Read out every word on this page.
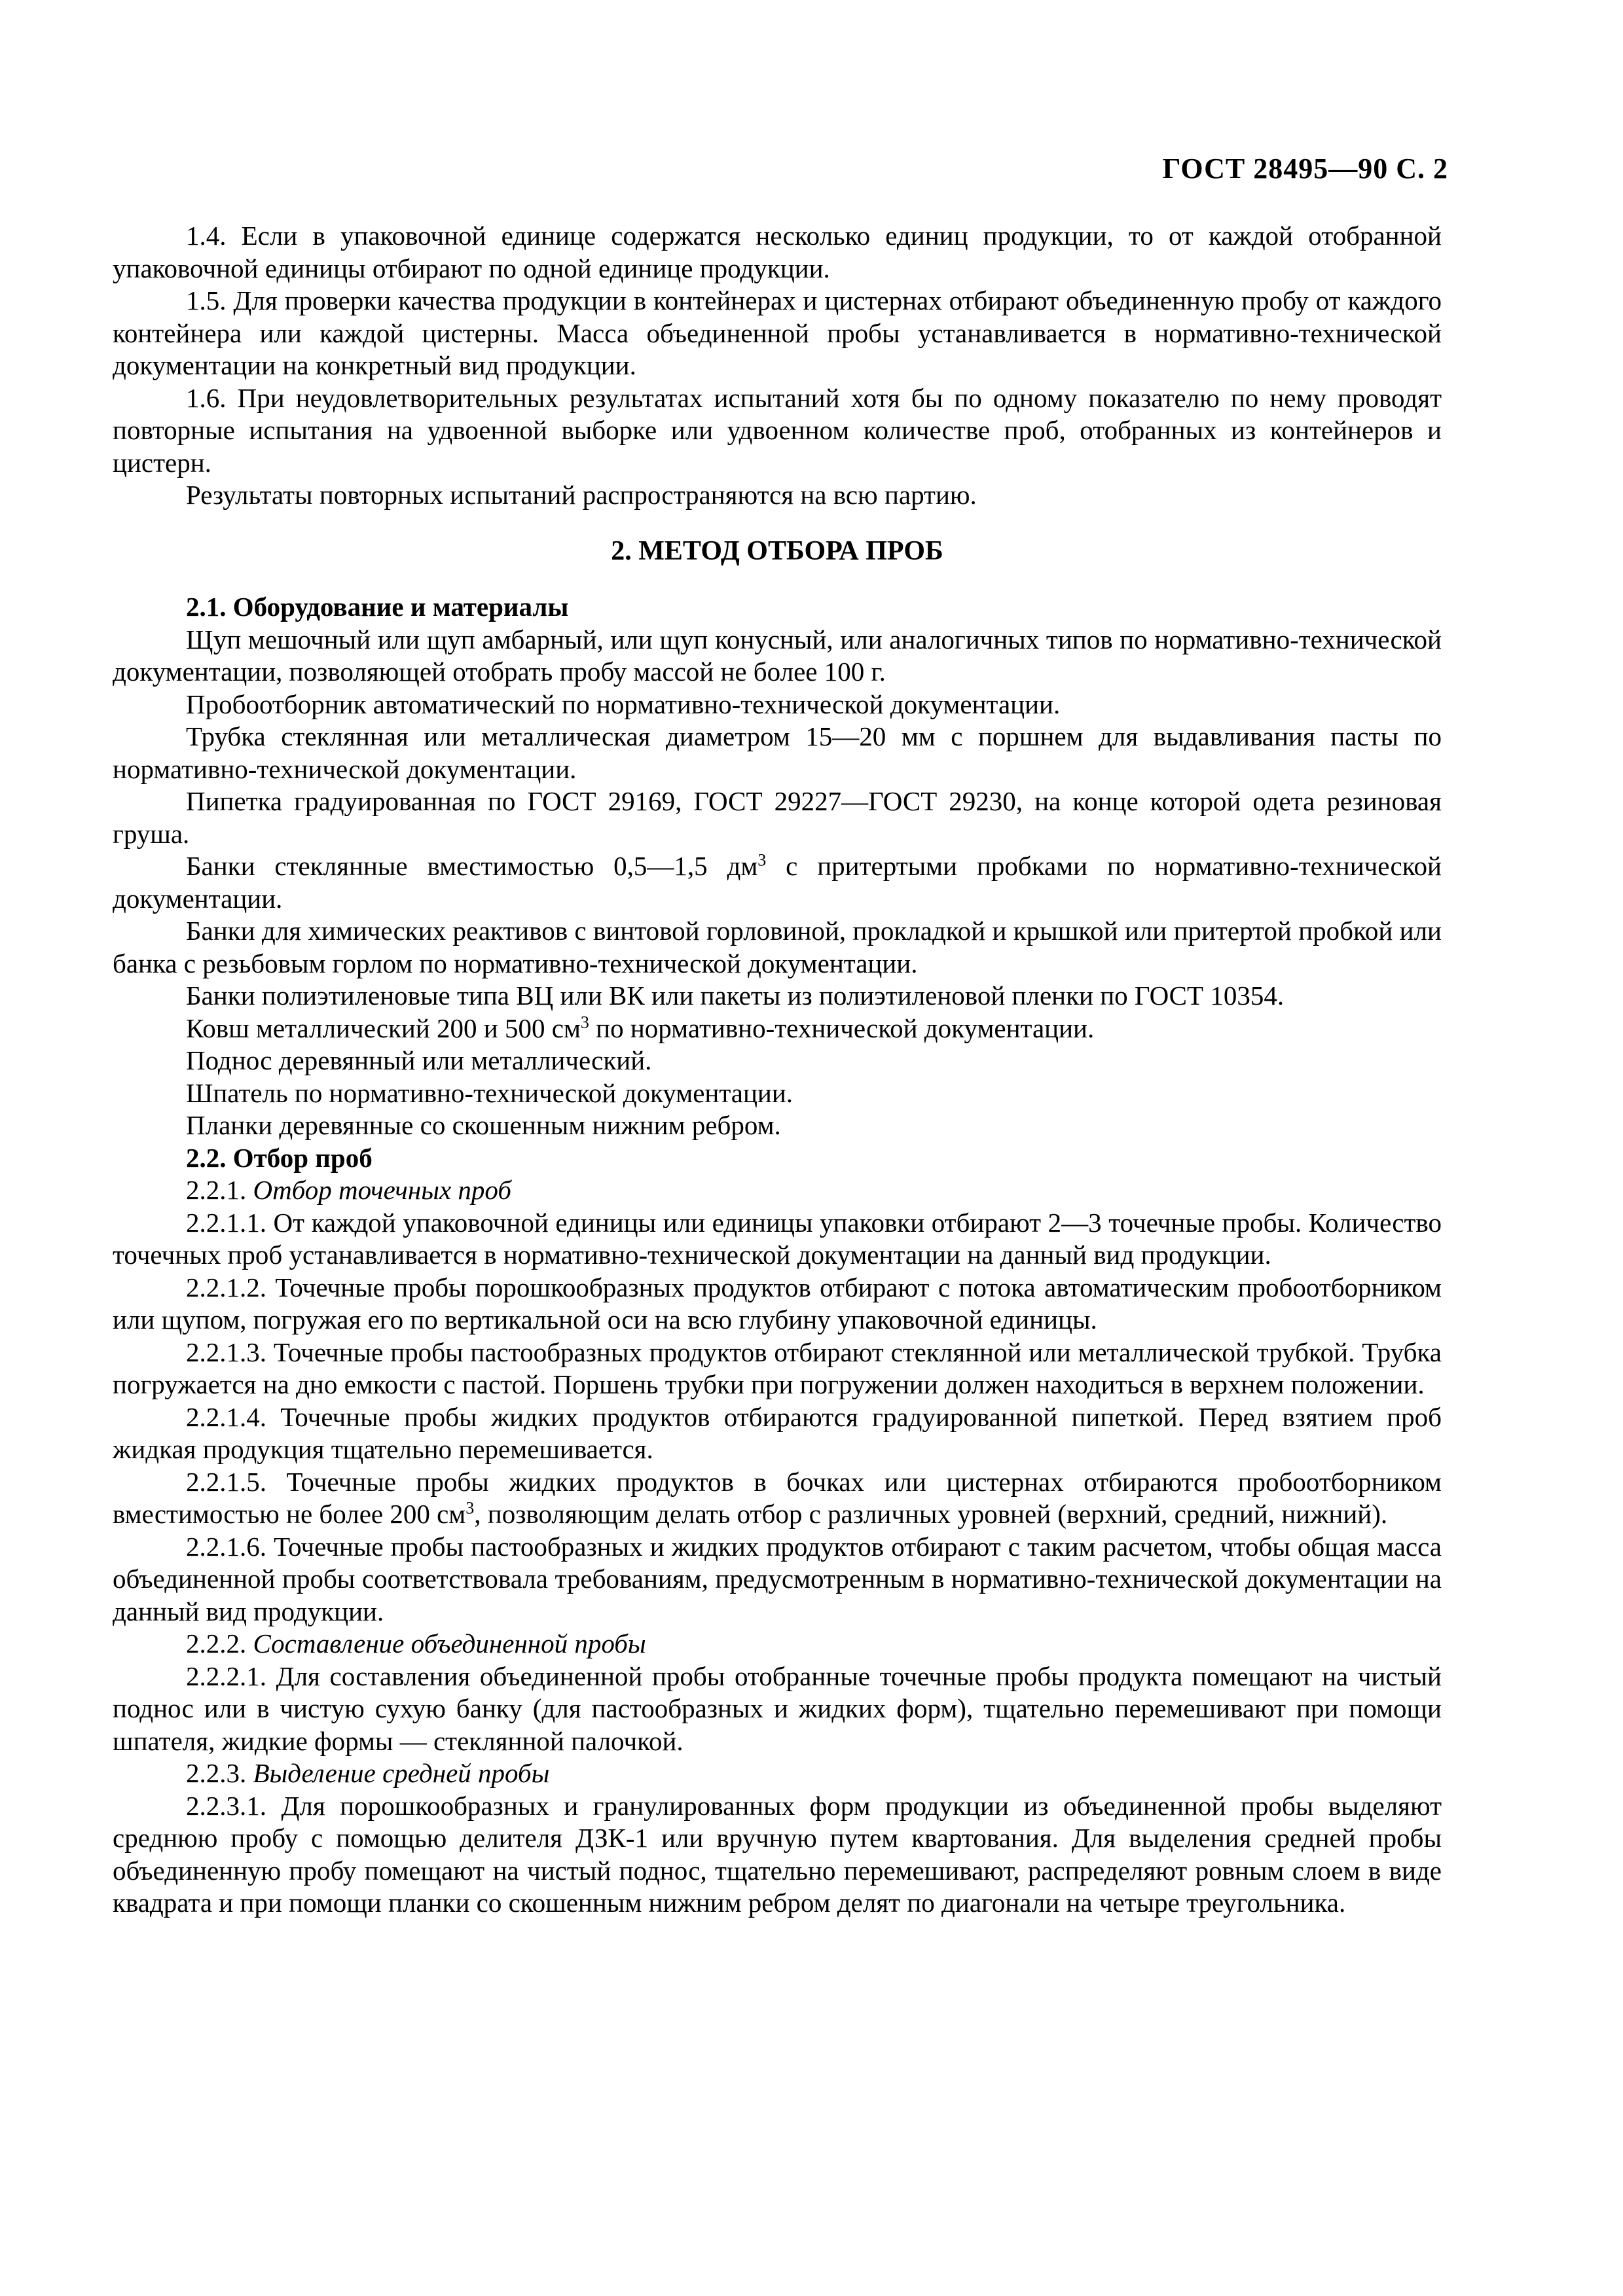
ГОСТ 28495—90 С. 2

1.4. Если в упаковочной единице содержатся несколько единиц продукции, то от каждой отобранной упаковочной единицы отбирают по одной единице продукции.

1.5. Для проверки качества продукции в контейнерах и цистернах отбирают объединенную пробу от каждого контейнера или каждой цистерны. Масса объединенной пробы устанавливается в нормативно-технической документации на конкретный вид продукции.

1.6. При неудовлетворительных результатах испытаний хотя бы по одному показателю по нему проводят повторные испытания на удвоенной выборке или удвоенном количестве проб, отобранных из контейнеров и цистерн.

Результаты повторных испытаний распространяются на всю партию.

2. МЕТОД ОТБОРА ПРОБ

2.1. Оборудование и материалы

Щуп мешочный или щуп амбарный, или щуп конусный, или аналогичных типов по нормативно-технической документации, позволяющей отобрать пробу массой не более 100 г.

Пробоотборник автоматический по нормативно-технической документации.

Трубка стеклянная или металлическая диаметром 15—20 мм с поршнем для выдавливания пасты по нормативно-технической документации.

Пипетка градуированная по ГОСТ 29169, ГОСТ 29227—ГОСТ 29230, на конце которой одета резиновая груша.

Банки стеклянные вместимостью 0,5—1,5 $дм^3$ с притертыми пробками по нормативно-технической документации.

Банки для химических реактивов с винтовой горловиной, прокладкой и крышкой или притертой пробкой или банка с резьбовым горлом по нормативно-технической документации.

Банки полиэтиленовые типа ВЦ или ВК или пакеты из полиэтиленовой пленки по ГОСТ 10354.

Ковш металлический 200 и 500 $см^3$ по нормативно-технической документации.

Поднос деревянный или металлический.

Шпатель по нормативно-технической документации.

Планки деревянные со скошенным нижним ребром.

2.2. Отбор проб

2.2.1. Отбор точечных проб

2.2.1.1. От каждой упаковочной единицы или единицы упаковки отбирают 2—3 точечные пробы. Количество точечных проб устанавливается в нормативно-технической документации на данный вид продукции.

2.2.1.2. Точечные пробы порошкообразных продуктов отбирают с потока автоматическим пробоотборником или щупом, погружая его по вертикальной оси на всю глубину упаковочной единицы.

2.2.1.3. Точечные пробы пастообразных продуктов отбирают стеклянной или металлической трубкой. Трубка погружается на дно емкости с пастой. Поршень трубки при погружении должен находиться в верхнем положении.

2.2.1.4. Точечные пробы жидких продуктов отбираются градуированной пипеткой. Перед взятием проб жидкая продукция тщательно перемешивается.

2.2.1.5. Точечные пробы жидких продуктов в бочках или цистернах отбираются пробоотборником вместимостью не более 200 $см^3$, позволяющим делать отбор с различных уровней (верхний, средний, нижний).

2.2.1.6. Точечные пробы пастообразных и жидких продуктов отбирают с таким расчетом, чтобы общая масса объединенной пробы соответствовала требованиям, предусмотренным в нормативно-технической документации на данный вид продукции.

2.2.2. Составление объединенной пробы

2.2.2.1. Для составления объединенной пробы отобранные точечные пробы продукта помещают на чистый поднос или в чистую сухую банку (для пастообразных и жидких форм), тщательно перемешивают при помощи шпателя, жидкие формы — стеклянной палочкой.

2.2.3. Выделение средней пробы

2.2.3.1. Для порошкообразных и гранулированных форм продукции из объединенной пробы выделяют среднюю пробу с помощью делителя ДЗК-1 или вручную путем квартования. Для выделения средней пробы объединенную пробу помещают на чистый поднос, тщательно перемешивают, распределяют ровным слоем в виде квадрата и при помощи планки со скошенным нижним ребром делят по диагонали на четыре треугольника.
